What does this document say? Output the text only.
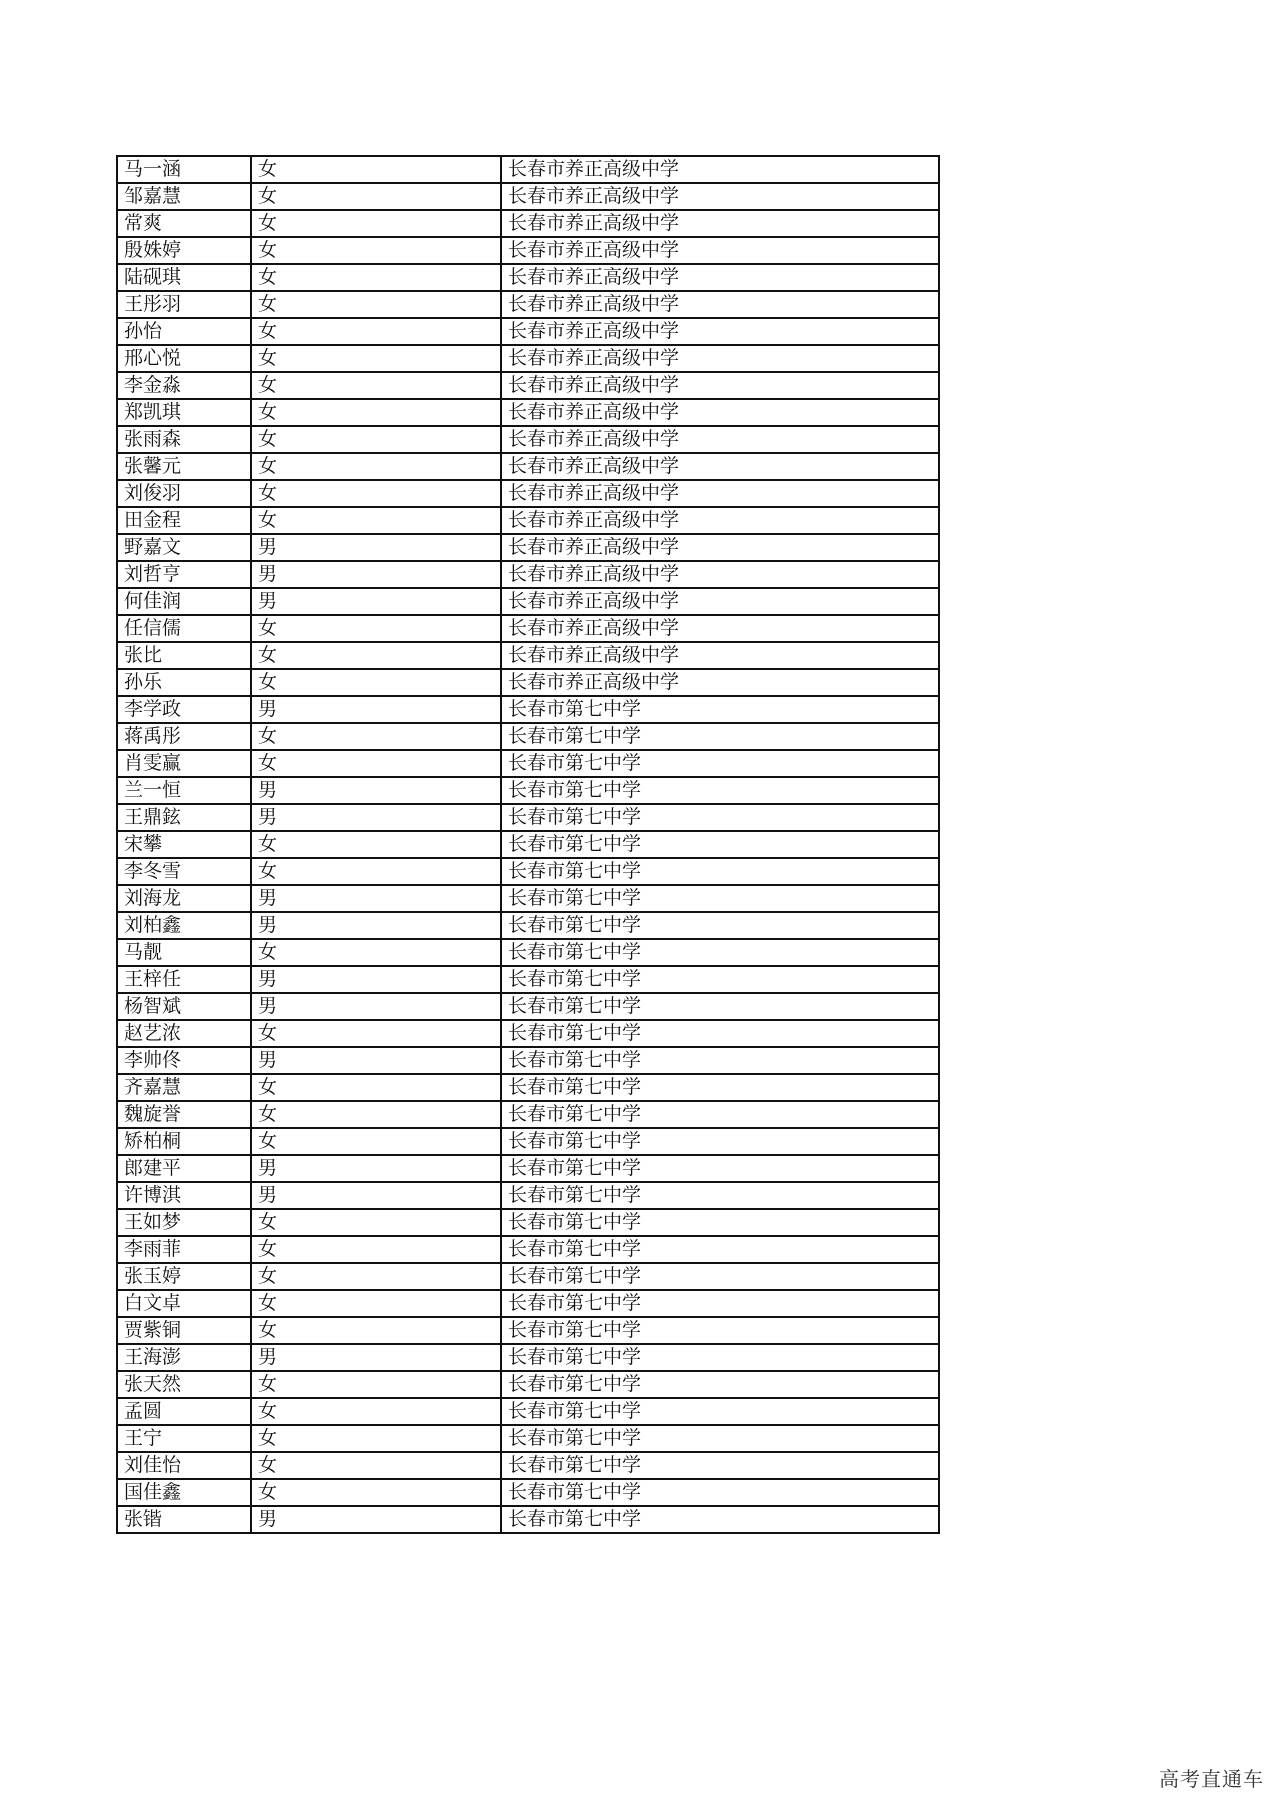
马一涵	女	长春市养正高级中学
邹嘉慧	女	长春市养正高级中学
常爽	女	长春市养正高级中学
殷姝婷	女	长春市养正高级中学
陆砚琪	女	长春市养正高级中学
王彤羽	女	长春市养正高级中学
孙怡	女	长春市养正高级中学
邢心悦	女	长春市养正高级中学
李金淼	女	长春市养正高级中学
郑凯琪	女	长春市养正高级中学
张雨森	女	长春市养正高级中学
张馨元	女	长春市养正高级中学
刘俊羽	女	长春市养正高级中学
田金程	女	长春市养正高级中学
野嘉文	男	长春市养正高级中学
刘哲亨	男	长春市养正高级中学
何佳润	男	长春市养正高级中学
任信儒	女	长春市养正高级中学
张比	女	长春市养正高级中学
孙乐	女	长春市养正高级中学
李学政	男	长春市第七中学
蒋禹彤	女	长春市第七中学
肖雯赢	女	长春市第七中学
兰一恒	男	长春市第七中学
王鼎鉉	男	长春市第七中学
宋攀	女	长春市第七中学
李冬雪	女	长春市第七中学
刘海龙	男	长春市第七中学
刘柏鑫	男	长春市第七中学
马靓	女	长春市第七中学
王梓任	男	长春市第七中学
杨智斌	男	长春市第七中学
赵艺浓	女	长春市第七中学
李帅佟	男	长春市第七中学
齐嘉慧	女	长春市第七中学
魏旋誉	女	长春市第七中学
矫柏桐	女	长春市第七中学
郎建平	男	长春市第七中学
许博淇	男	长春市第七中学
王如梦	女	长春市第七中学
李雨菲	女	长春市第七中学
张玉婷	女	长春市第七中学
白文卓	女	长春市第七中学
贾紫铜	女	长春市第七中学
王海澎	男	长春市第七中学
张天然	女	长春市第七中学
孟圆	女	长春市第七中学
王宁	女	长春市第七中学
刘佳怡	女	长春市第七中学
国佳鑫	女	长春市第七中学
张锴	男	长春市第七中学
高考直通车
